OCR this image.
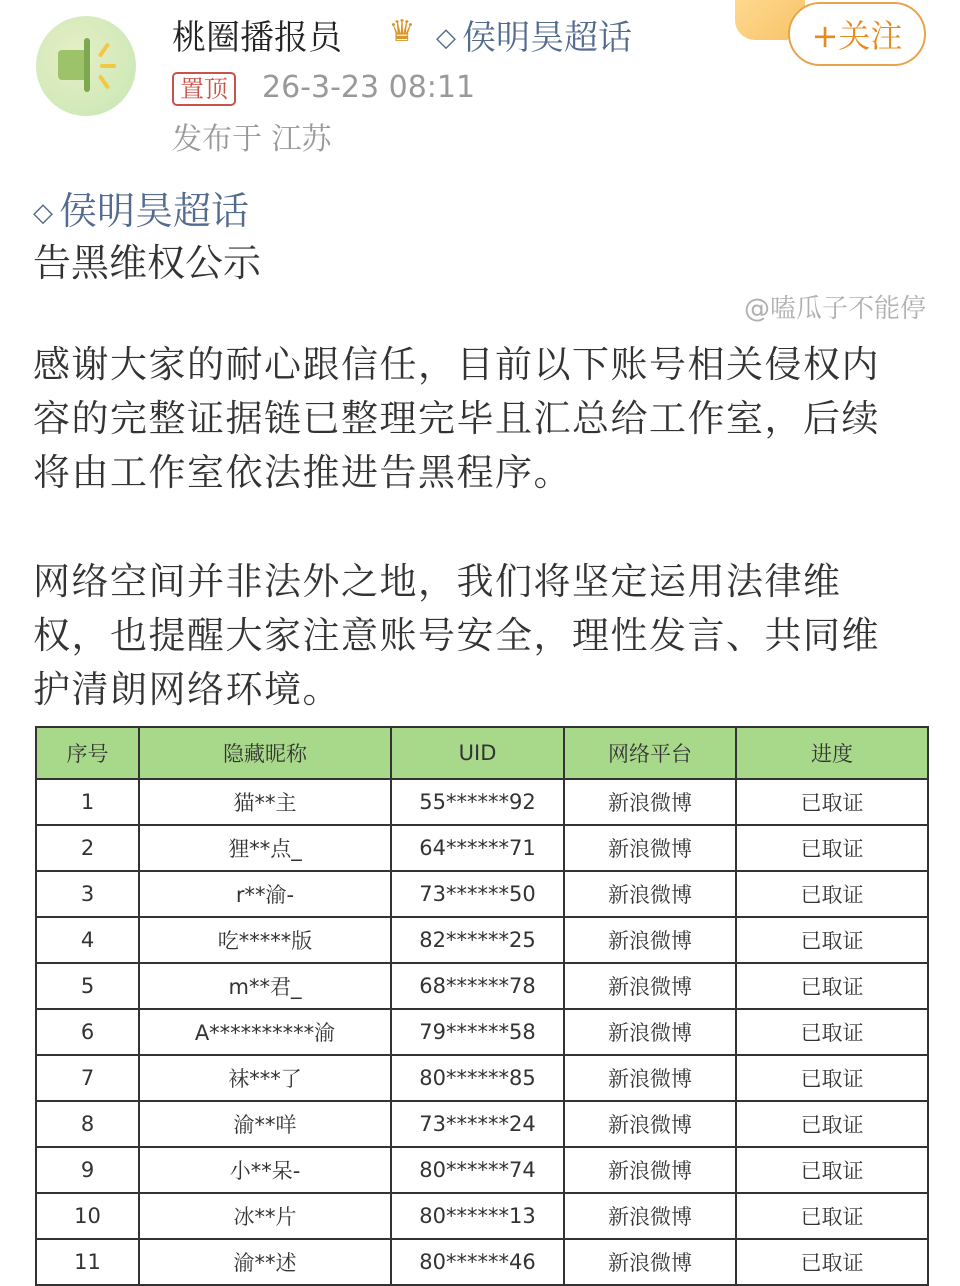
桃圈播报员 ♛ ◇ 侯明昊超话	+关注
置顶 26-3-23 08:11
发布于 江苏
◇ 侯明昊超话
告黑维权公示
感谢大家的耐心跟信任，目前以下账号相关侵权内
容的完整证据链已整理完毕且汇总给工作室，后续
将由工作室依法推进告黑程序。
网络空间并非法外之地，我们将坚定运用法律维
权，也提醒大家注意账号安全，理性发言、共同维
护清朗网络环境。
序号	隐藏昵称	UID	网络平台	进度
1	猫**主	55******92	新浪微博	已取证
2	狸**点_	64******71	新浪微博	已取证
3	r**渝-	73******50	新浪微博	已取证
4	吃*****版	82******25	新浪微博	已取证
5	m**君_	68******78	新浪微博	已取证
6	A**********渝	79******58	新浪微博	已取证
7	袜***了	80******85	新浪微博	已取证
8	渝**咩	73******24	新浪微博	已取证
9	小**呆-	80******74	新浪微博	已取证
10	冰**片	80******13	新浪微博	已取证
11	渝**述	80******46	新浪微博	已取证
@嗑瓜子不能停
